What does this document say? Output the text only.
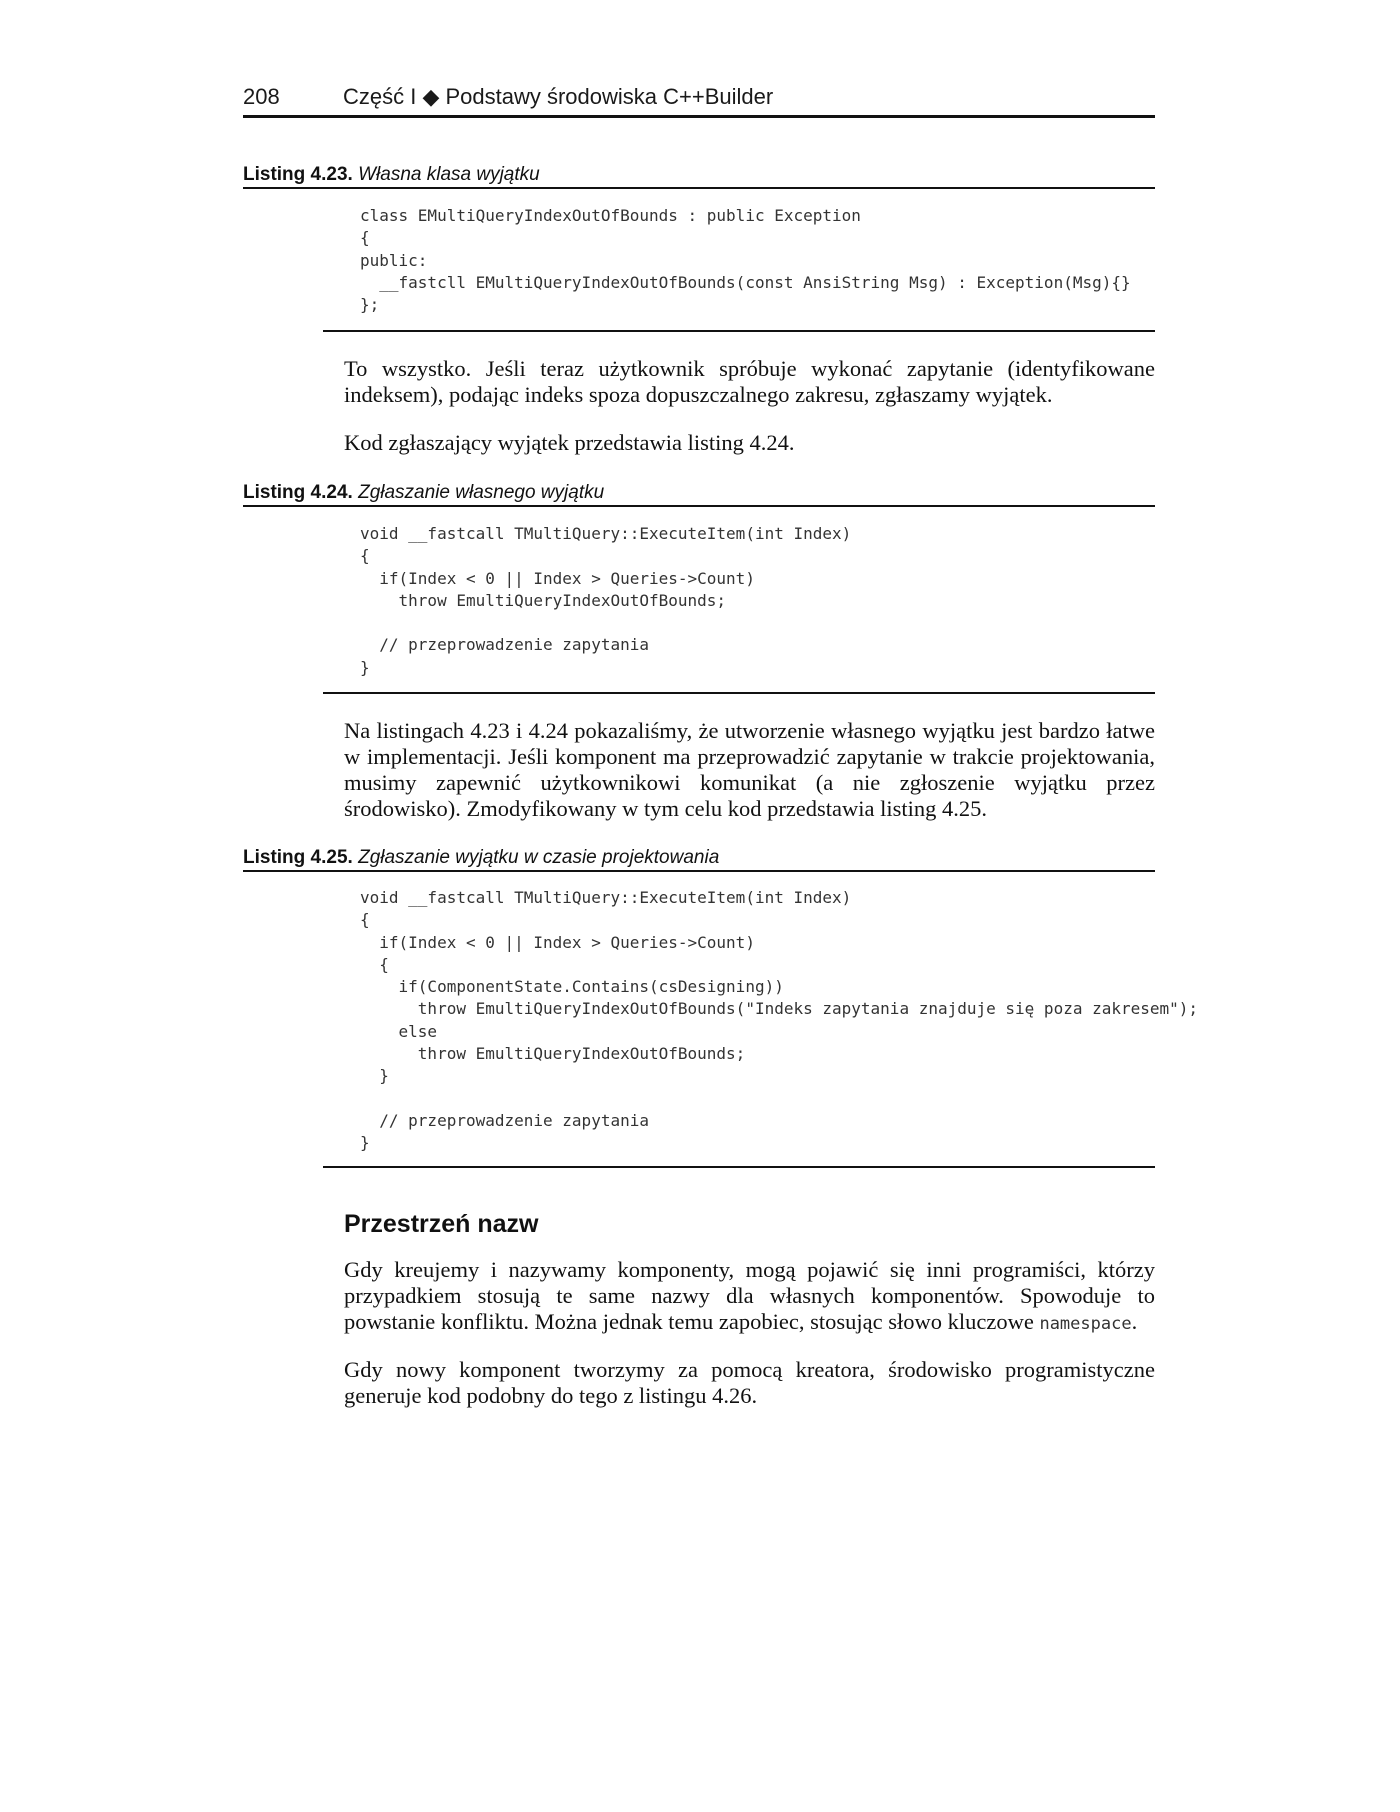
208	Część I ◆ Podstawy środowiska C++Builder
Listing 4.23. Własna klasa wyjątku
class EMultiQueryIndexOutOfBounds : public Exception
{
public:
__fastcll EMultiQueryIndexOutOfBounds(const AnsiString Msg) : Exception(Msg){}
};

To wszystko. Jeśli teraz użytkownik spróbuje wykonać zapytanie (identyfikowane indeksem), podając indeks spoza dopuszczalnego zakresu, zgłaszamy wyjątek.

Kod zgłaszający wyjątek przedstawia listing 4.24.

Listing 4.24. Zgłaszanie własnego wyjątku
void __fastcall TMultiQuery::ExecuteItem(int Index)
{
if(Index < 0 || Index > Queries->Count)
throw EmultiQueryIndexOutOfBounds;

// przeprowadzenie zapytania
}

Na listingach 4.23 i 4.24 pokazaliśmy, że utworzenie własnego wyjątku jest bardzo łatwe w implementacji. Jeśli komponent ma przeprowadzić zapytanie w trakcie projektowania, musimy zapewnić użytkownikowi komunikat (a nie zgłoszenie wyjątku przez środowisko). Zmodyfikowany w tym celu kod przedstawia listing 4.25.

Listing 4.25. Zgłaszanie wyjątku w czasie projektowania
void __fastcall TMultiQuery::ExecuteItem(int Index)
{
if(Index < 0 || Index > Queries->Count)
{
if(ComponentState.Contains(csDesigning))
throw EmultiQueryIndexOutOfBounds("Indeks zapytania znajduje się poza zakresem");
else
throw EmultiQueryIndexOutOfBounds;
}

// przeprowadzenie zapytania
}
Przestrzeń nazw

Gdy kreujemy i nazywamy komponenty, mogą pojawić się inni programiści, którzy przypadkiem stosują te same nazwy dla własnych komponentów. Spowoduje to powstanie konfliktu. Można jednak temu zapobiec, stosując słowo kluczowe namespace.

Gdy nowy komponent tworzymy za pomocą kreatora, środowisko programistyczne generuje kod podobny do tego z listingu 4.26.
